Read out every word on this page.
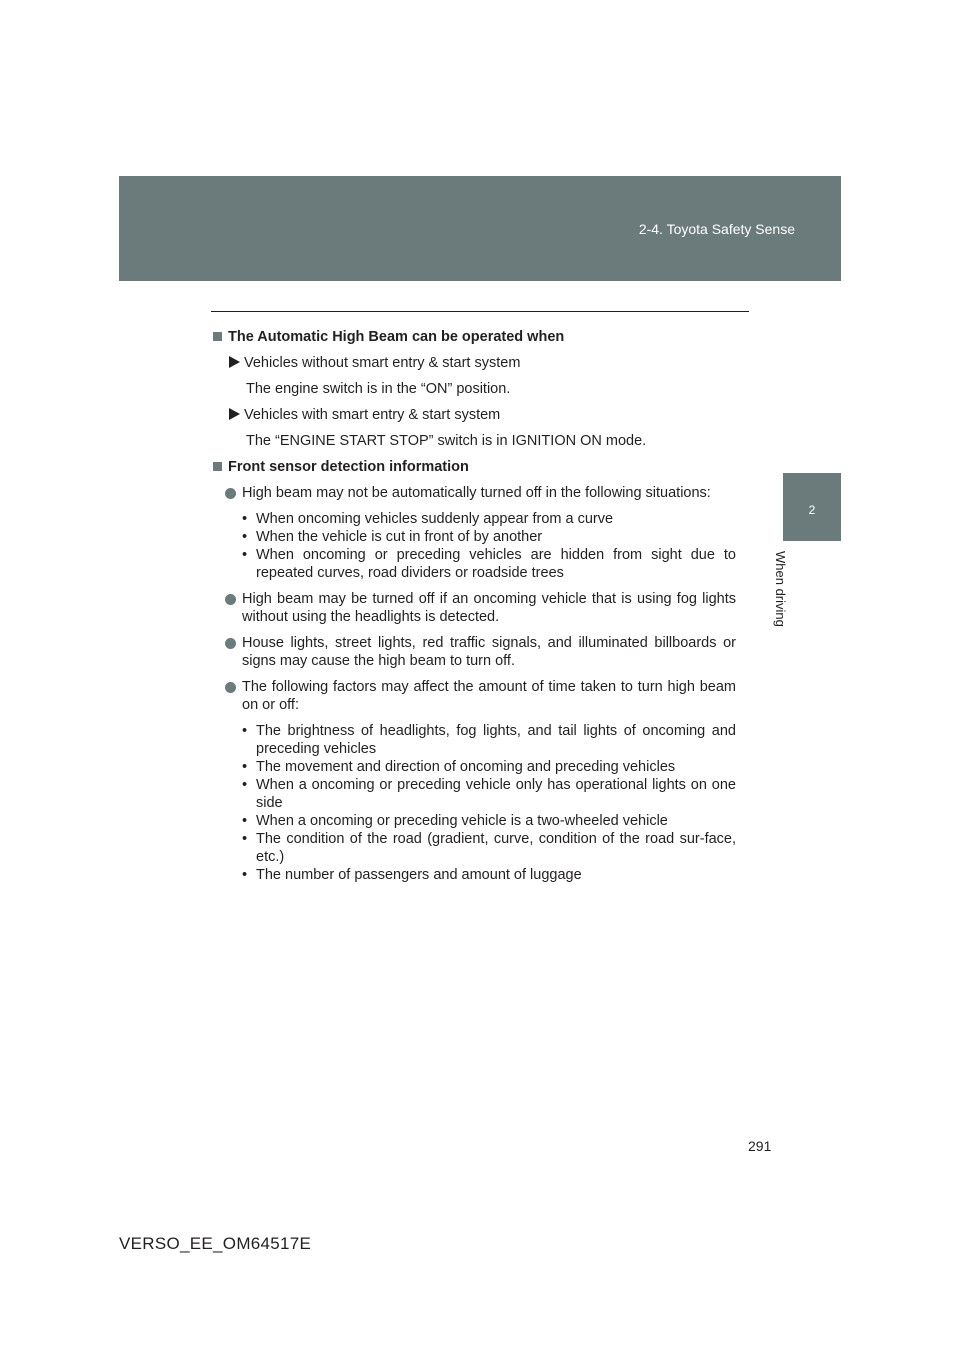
2-4. Toyota Safety Sense
2
When driving
The Automatic High Beam can be operated when
Vehicles without smart entry & start system
The engine switch is in the “ON” position.
Vehicles with smart entry & start system
The “ENGINE START STOP” switch is in IGNITION ON mode.
Front sensor detection information
High beam may not be automatically turned off in the following situations:
• When oncoming vehicles suddenly appear from a curve
• When the vehicle is cut in front of by another
• When oncoming or preceding vehicles are hidden from sight due to repeated curves, road dividers or roadside trees
High beam may be turned off if an oncoming vehicle that is using fog lights without using the headlights is detected.
House lights, street lights, red traffic signals, and illuminated billboards or signs may cause the high beam to turn off.
The following factors may affect the amount of time taken to turn high beam on or off:
• The brightness of headlights, fog lights, and tail lights of oncoming and preceding vehicles
• The movement and direction of oncoming and preceding vehicles
• When a oncoming or preceding vehicle only has operational lights on one side
• When a oncoming or preceding vehicle is a two-wheeled vehicle
• The condition of the road (gradient, curve, condition of the road sur-face, etc.)
• The number of passengers and amount of luggage
291
VERSO_EE_OM64517E
